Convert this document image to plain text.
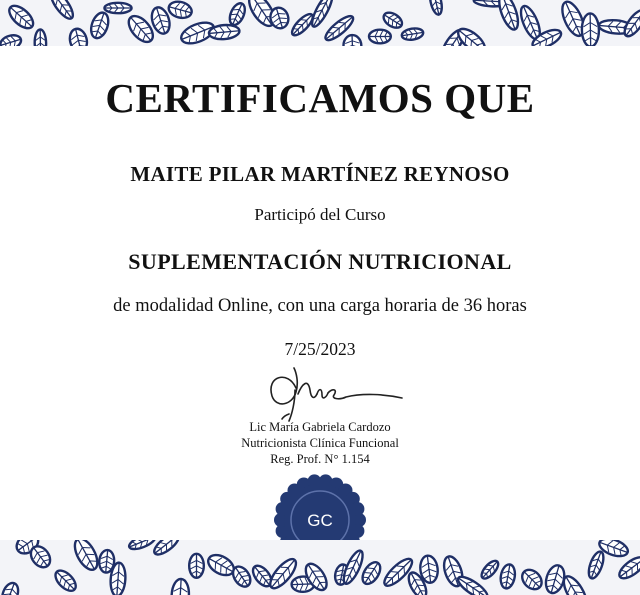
CERTIFICAMOS QUE
MAITE PILAR MARTÍNEZ REYNOSO
Participó del Curso
SUPLEMENTACIÓN NUTRICIONAL
de modalidad Online, con una carga horaria de 36 horas
7/25/2023
Lic María Gabriela Cardozo
Nutricionista Clínica Funcional
Reg. Prof. N° 1.154
GC
